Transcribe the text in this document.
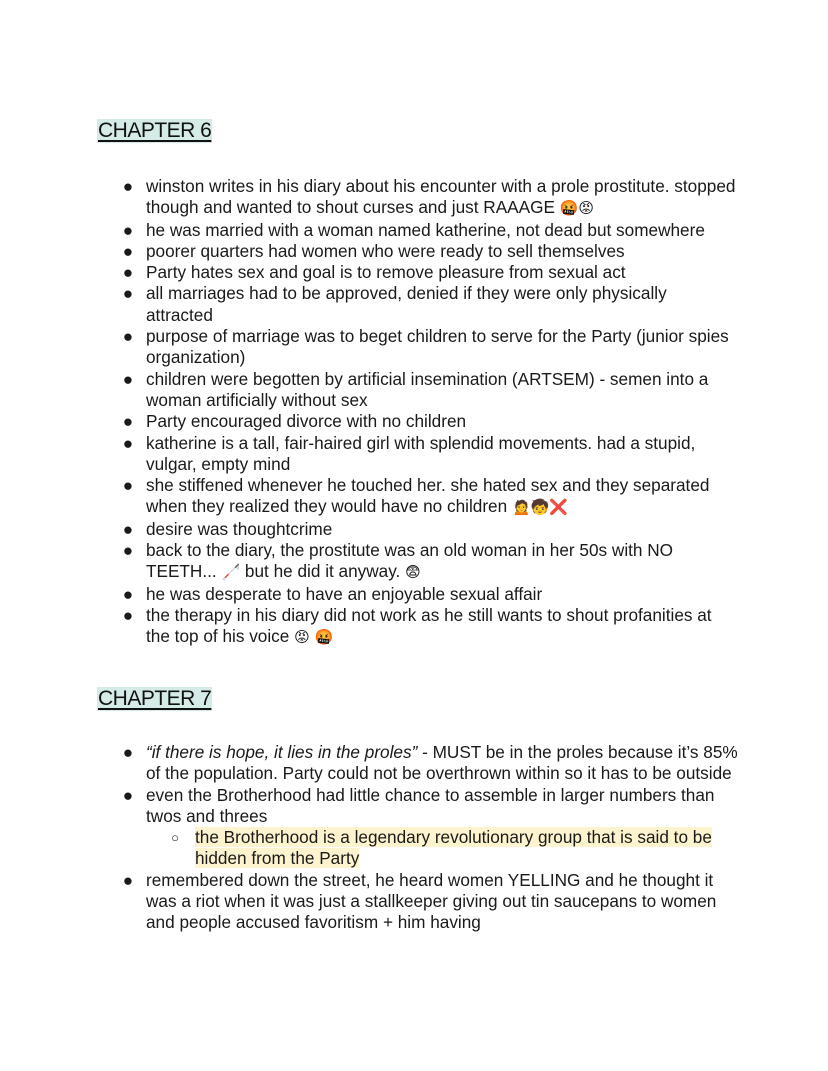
CHAPTER 6
● winston writes in his diary about his encounter with a prole prostitute. stopped though and wanted to shout curses and just RAAAGE 🤬😡
● he was married with a woman named katherine, not dead but somewhere
● poorer quarters had women who were ready to sell themselves
● Party hates sex and goal is to remove pleasure from sexual act
● all marriages had to be approved, denied if they were only physically attracted
● purpose of marriage was to beget children to serve for the Party (junior spies organization)
● children were begotten by artificial insemination (ARTSEM) - semen into a woman artificially without sex
● Party encouraged divorce with no children
● katherine is a tall, fair-haired girl with splendid movements. had a stupid, vulgar, empty mind
● she stiffened whenever he touched her. she hated sex and they separated when they realized they would have no children 🙍🧒❌
● desire was thoughtcrime
● back to the diary, the prostitute was an old woman in her 50s with NO TEETH... 🦯 but he did it anyway. 😨
● he was desperate to have an enjoyable sexual affair
● the therapy in his diary did not work as he still wants to shout profanities at the top of his voice 😡 🤬
CHAPTER 7
● “if there is hope, it lies in the proles” - MUST be in the proles because it’s 85% of the population. Party could not be overthrown within so it has to be outside
● even the Brotherhood had little chance to assemble in larger numbers than twos and threes
○ the Brotherhood is a legendary revolutionary group that is said to be hidden from the Party
● remembered down the street, he heard women YELLING and he thought it was a riot when it was just a stallkeeper giving out tin saucepans to women and people accused favoritism + him having
